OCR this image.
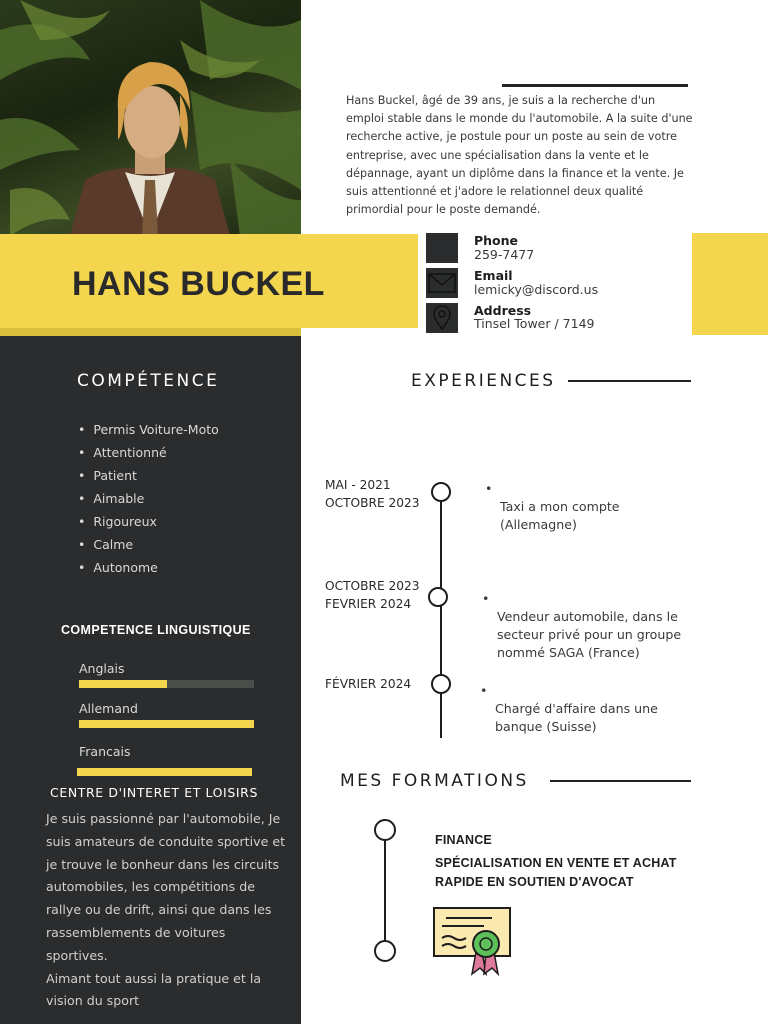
Hans Buckel, âgé de 39 ans, je suis a la recherche d'un emploi stable dans le monde du l'automobile. A la suite d'une recherche active, je postule pour un poste au sein de votre entreprise, avec une spécialisation dans la vente et le dépannage, ayant un diplôme dans la finance et la vente. Je suis attentionné et j'adore le relationnel deux qualité primordial pour le poste demandé.

HANS BUCKEL
Phone
259-7477
Email
lemicky@discord.us
Address
Tinsel Tower / 7149
COMPÉTENCE
• Permis Voiture-Moto
• Attentionné
• Patient
• Aimable
• Rigoureux
• Calme
• Autonome
COMPETENCE LINGUISTIQUE
Anglais
Allemand
Francais
CENTRE D'INTERET ET LOISIRS

Je suis passionné par l'automobile, Je suis amateurs de conduite sportive et je trouve le bonheur dans les circuits automobiles, les compétitions de rallye ou de drift, ainsi que dans les rassemblements de voitures sportives.
Aimant tout aussi la pratique et la vision du sport

EXPERIENCES
MAI - 2021
OCTOBRE 2023

•
Taxi a mon compte
(Allemagne)

OCTOBRE 2023
FEVRIER 2024	•
Vendeur automobile, dans le
secteur privé pour un groupe
nommé SAGA (France)

FÉVRIER 2024	•
Chargé d'affaire dans une
banque (Suisse)

MES FORMATIONS
FINANCE
SPÉCIALISATION EN VENTE ET ACHAT
RAPIDE EN SOUTIEN D'AVOCAT
